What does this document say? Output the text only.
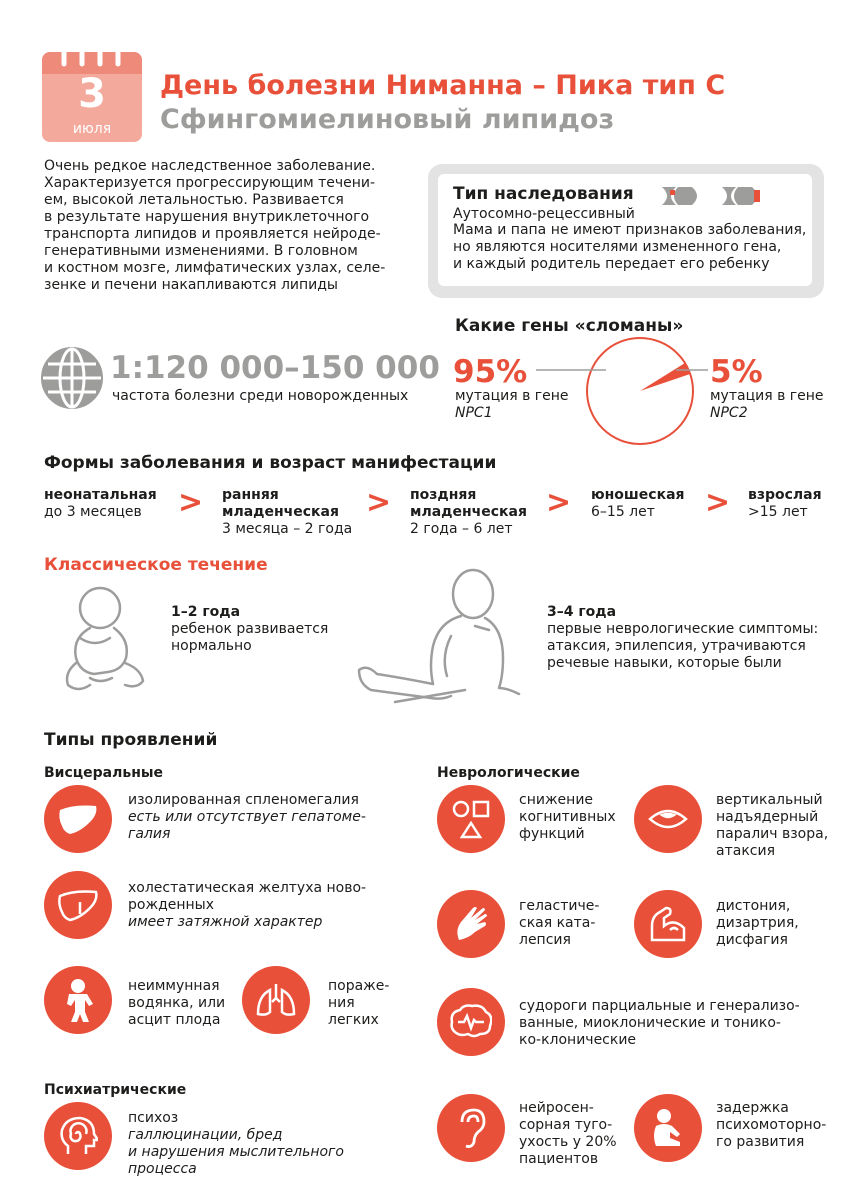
3
июля
День болезни Ниманна – Пика тип С
Сфингомиелиновый липидоз
Очень редкое наследственное заболевание.
Характеризуется прогрессирующим течени-
ем, высокой летальностью. Развивается
в результате нарушения внутриклеточного
транспорта липидов и проявляется нейроде-
генеративными изменениями. В головном
и костном мозге, лимфатических узлах, селе-
зенке и печени накапливаются липиды
Тип наследования
Аутосомно-рецессивный
Мама и папа не имеют признаков заболевания,
но являются носителями измененного гена,
и каждый родитель передает его ребенку
1:120 000–150 000
частота болезни среди новорожденных
Какие гены «сломаны»
95%
мутация в гене
NPC1
5%
мутация в гене
NPC2
Формы заболевания и возраст манифестации
неонатальная
до 3 месяцев	> ранняя
младенческая
3 месяца – 2 года
> поздняя
младенческая
2 года – 6 лет
> юношеская
6–15 лет	> взрослая
>15 лет
Классическое течение
1–2 года
ребенок развивается
нормально
3–4 года
первые неврологические симптомы:
атаксия, эпилепсия, утрачиваются
речевые навыки, которые были
Типы проявлений
Висцеральные	Неврологические
изолированная спленомегалия
есть или отсутствует гепатоме-
галия
холестатическая желтуха ново-
рожденных
имеет затяжной характер
неиммунная
водянка, или
асцит плода
пораже-
ния
легких
Психиатрические
психоз
галлюцинации, бред
и нарушения мыслительного
процесса
снижение
когнитивных
функций
вертикальный
надъядерный
паралич взора,
атаксия
геластиче-
ская ката-
лепсия
дистония,
дизартрия,
дисфагия
судороги парциальные и генерализо-
ванные, миоклонические и тонико-
ко-клонические
нейросен-
сорная туго-
ухость у 20%
пациентов
задержка
психомоторно-
го развития
